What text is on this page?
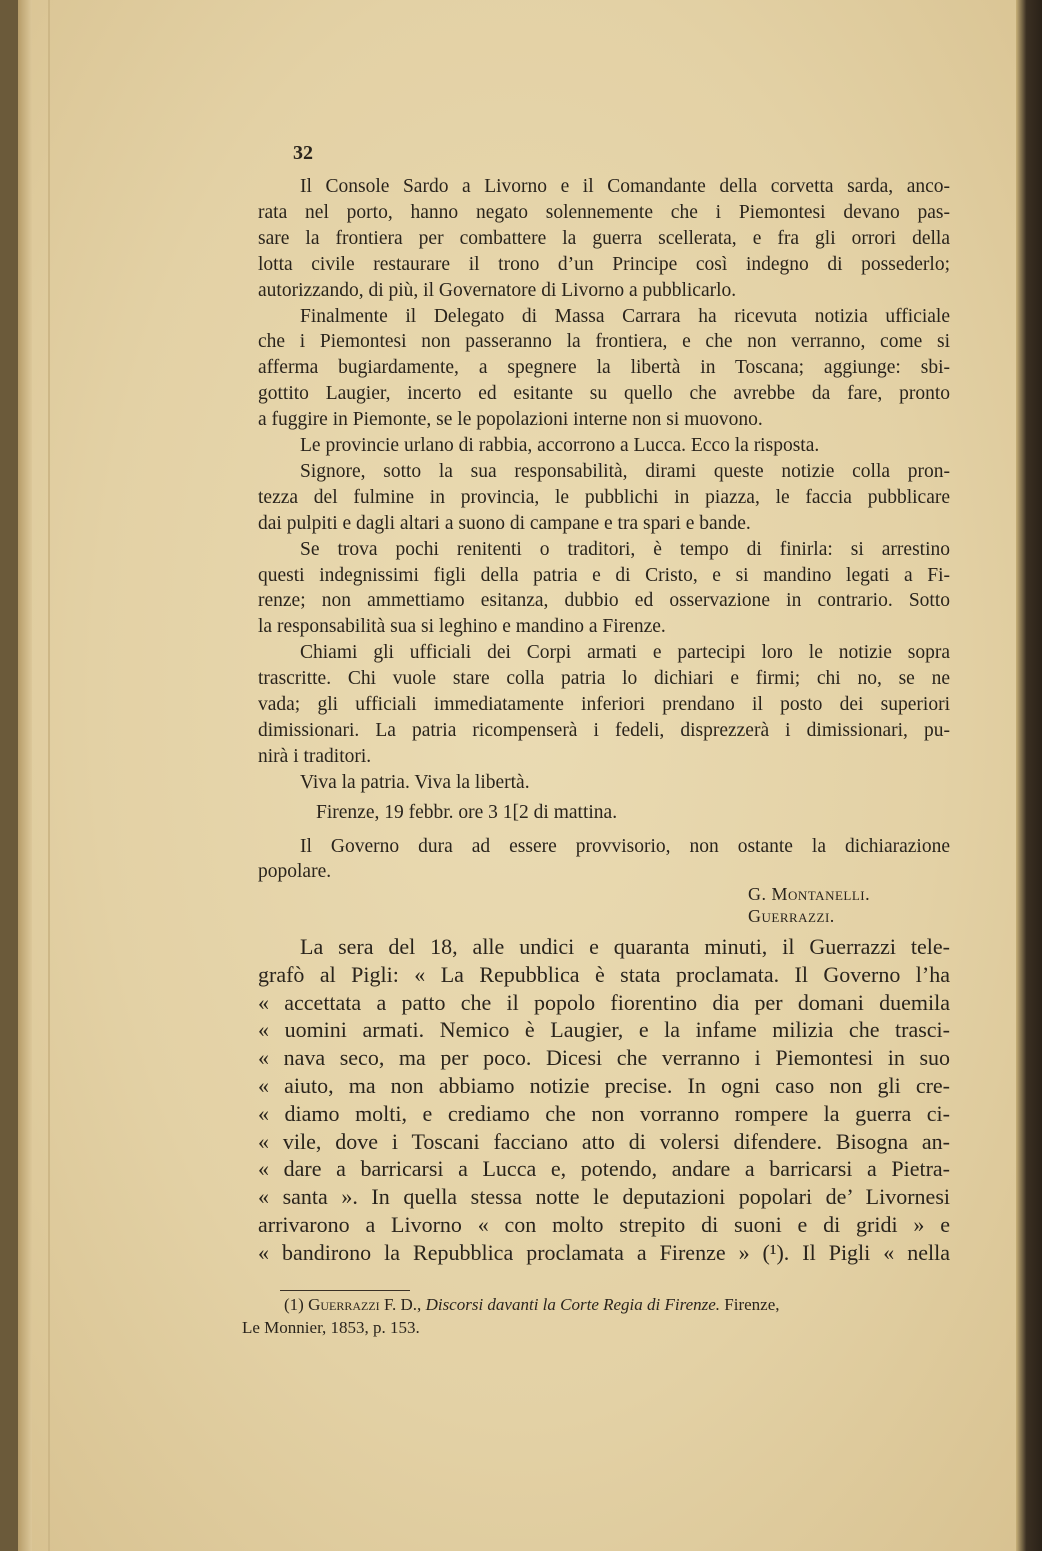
32
Il Console Sardo a Livorno e il Comandante della corvetta sarda, anco-
rata nel porto, hanno negato solennemente che i Piemontesi devano pas-
sare la frontiera per combattere la guerra scellerata, e fra gli orrori della
lotta civile restaurare il trono d’un Principe così indegno di possederlo;
autorizzando, di più, il Governatore di Livorno a pubblicarlo.
Finalmente il Delegato di Massa Carrara ha ricevuta notizia ufficiale
che i Piemontesi non passeranno la frontiera, e che non verranno, come si
afferma bugiardamente, a spegnere la libertà in Toscana; aggiunge: sbi-
gottito Laugier, incerto ed esitante su quello che avrebbe da fare, pronto
a fuggire in Piemonte, se le popolazioni interne non si muovono.
Le provincie urlano di rabbia, accorrono a Lucca. Ecco la risposta.
Signore, sotto la sua responsabilità, dirami queste notizie colla pron-
tezza del fulmine in provincia, le pubblichi in piazza, le faccia pubblicare
dai pulpiti e dagli altari a suono di campane e tra spari e bande.
Se trova pochi renitenti o traditori, è tempo di finirla: si arrestino
questi indegnissimi figli della patria e di Cristo, e si mandino legati a Fi-
renze; non ammettiamo esitanza, dubbio ed osservazione in contrario. Sotto
la responsabilità sua si leghino e mandino a Firenze.
Chiami gli ufficiali dei Corpi armati e partecipi loro le notizie sopra
trascritte. Chi vuole stare colla patria lo dichiari e firmi; chi no, se ne
vada; gli ufficiali immediatamente inferiori prendano il posto dei superiori
dimissionari. La patria ricompenserà i fedeli, disprezzerà i dimissionari, pu-
nirà i traditori.
Viva la patria. Viva la libertà.
Firenze, 19 febbr. ore 3 1[2 di mattina.
Il Governo dura ad essere provvisorio, non ostante la dichiarazione
popolare.
G. Montanelli.
Guerrazzi.
La sera del 18, alle undici e quaranta minuti, il Guerrazzi tele-
grafò al Pigli: « La Repubblica è stata proclamata. Il Governo l’ha
« accettata a patto che il popolo fiorentino dia per domani duemila
« uomini armati. Nemico è Laugier, e la infame milizia che trasci-
« nava seco, ma per poco. Dicesi che verranno i Piemontesi in suo
« aiuto, ma non abbiamo notizie precise. In ogni caso non gli cre-
« diamo molti, e crediamo che non vorranno rompere la guerra ci-
« vile, dove i Toscani facciano atto di volersi difendere. Bisogna an-
« dare a barricarsi a Lucca e, potendo, andare a barricarsi a Pietra-
« santa ». In quella stessa notte le deputazioni popolari de’ Livornesi
arrivarono a Livorno « con molto strepito di suoni e di gridi » e
« bandirono la Repubblica proclamata a Firenze » (¹). Il Pigli « nella
(1) Guerrazzi F. D., Discorsi davanti la Corte Regia di Firenze. Firenze,
Le Monnier, 1853, p. 153.
